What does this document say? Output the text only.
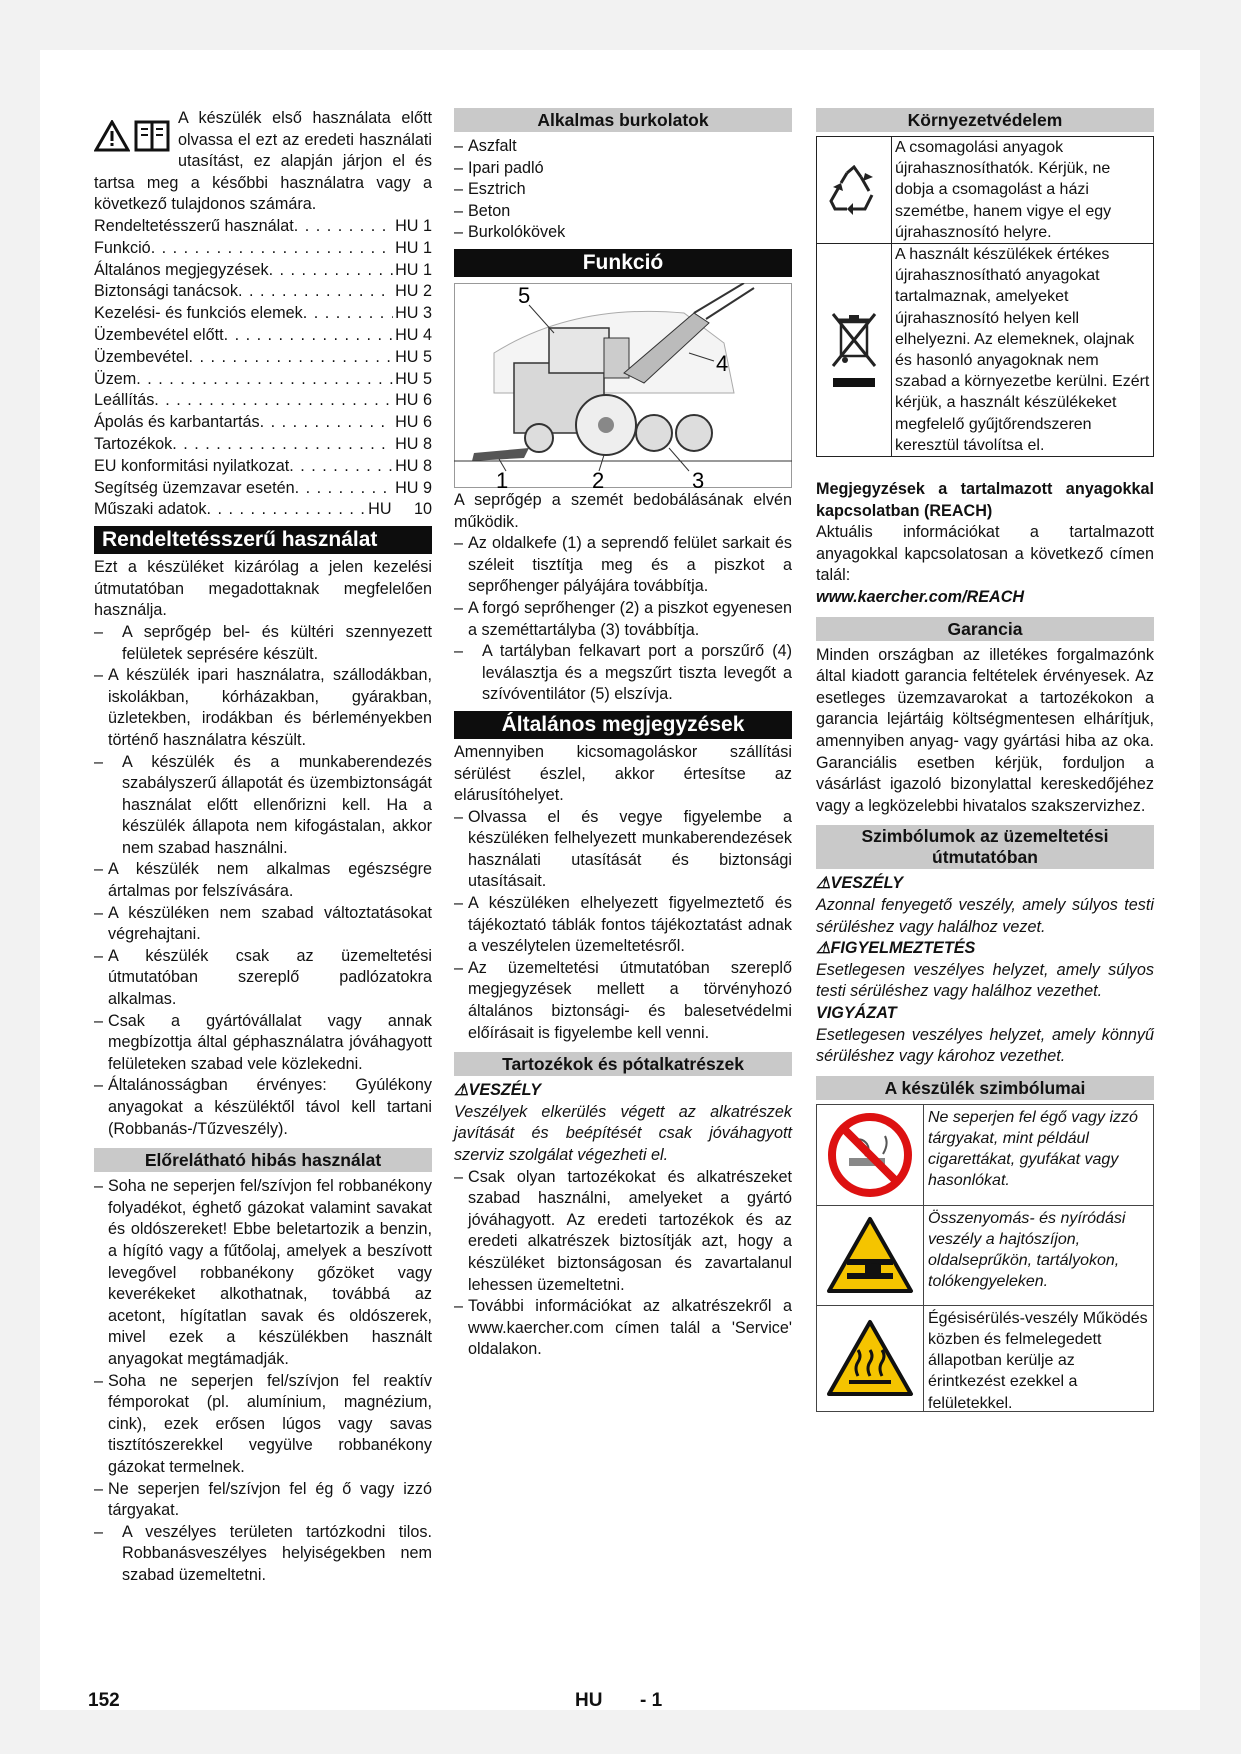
A készülék első használata előtt olvassa el ezt az eredeti használati utasítást, ez alapján járjon el és tartsa meg a későbbi használatra vagy a következő tulajdonos számára.
Rendeltetésszerű használat . . .	HU 1
Funkció . . .	HU 1
Általános megjegyzések . . .	HU 1
Biztonsági tanácsok . . .	HU 2
Kezelési- és funkciós elemek . . .	HU 3
Üzembevétel előtt . . .	HU 4
Üzembevétel . . .	HU 5
Üzem . . .	HU 5
Leállítás . . .	HU 6
Ápolás és karbantartás . . .	HU 6
Tartozékok . . .	HU 8
EU konformitási nyilatkozat . . .	HU 8
Segítség üzemzavar esetén . . .	HU 9
Műszaki adatok . . .	HU     10
Rendeltetésszerű használat
Ezt a készüléket kizárólag a jelen kezelési útmutatóban megadottaknak megfelelően használja.
–	A seprőgép bel- és kültéri szennyezett felületek seprésére készült.
– A készülék ipari használatra, szállodákban, iskolákban, kórházakban, gyárakban, üzletekben, irodákban és bérleményekben történő használatra készült.
–	A készülék és a munkaberendezés szabályszerű állapotát és üzembiztonságát használat előtt ellenőrizni kell. Ha a készülék állapota nem kifogástalan, akkor nem szabad használni.
– A készülék nem alkalmas egészségre ártalmas por felszívására.
– A készüléken nem szabad változtatásokat végrehajtani.
– A készülék csak az üzemeltetési útmutatóban szereplő padlózatokra alkalmas.
– Csak a gyártóvállalat vagy annak megbízottja által géphasználatra jóváhagyott felületeken szabad vele közlekedni.
– Általánosságban érvényes: Gyúlékony anyagokat a készüléktől távol kell tartani (Robbanás-/Tűzveszély).
Előrelátható hibás használat
– Soha ne seperjen fel/szívjon fel robbanékony folyadékot, éghető gázokat valamint savakat és oldószereket! Ebbe beletartozik a benzin, a hígító vagy a fűtőolaj, amelyek a beszívott levegővel robbanékony gőzöket vagy keverékeket alkothatnak, továbbá az acetont, hígítatlan savak és oldószerek, mivel ezek a készülékben használt anyagokat megtámadják.
– Soha ne seperjen fel/szívjon fel reaktív fémporokat (pl. alumínium, magnézium, cink), ezek erősen lúgos vagy savas tisztítószerekkel vegyülve robbanékony gázokat termelnek.
– Ne seperjen fel/szívjon fel ég ő vagy izzó tárgyakat.
–	A veszélyes területen tartózkodni tilos. Robbanásveszélyes helyiségekben nem szabad üzemeltetni.
Alkalmas burkolatok
– Aszfalt
– Ipari padló
– Esztrich
– Beton
– Burkolókövek
Funkció
5
4
1	2	3
A seprőgép a szemét bedobálásának elvén működik.
– Az oldalkefe (1) a seprendő felület sarkait és széleit tisztítja meg és a piszkot a seprőhenger pályájára továbbítja.
– A forgó seprőhenger (2) a piszkot egyenesen a szeméttartályba (3) továbbítja.
–	A tartályban felkavart port a porszűrő (4) leválasztja és a megszűrt tiszta levegőt a szívóventilátor (5) elszívja.
Általános megjegyzések
Amennyiben kicsomagoláskor szállítási sérülést észlel, akkor értesítse az elárusítóhelyet.
– Olvassa el és vegye figyelembe a készüléken felhelyezett munkaberendezések használati utasítását és biztonsági utasításait.
– A készüléken elhelyezett figyelmeztető és tájékoztató táblák fontos tájékoztatást adnak a veszélytelen üzemeltetésről.
– Az üzemeltetési útmutatóban szereplő megjegyzések mellett a törvényhozó általános biztonsági- és balesetvédelmi előírásait is figyelembe kell venni.
Tartozékok és pótalkatrészek
⚠VESZÉLY
Veszélyek elkerülés végett az alkatrészek javítását és beépítését csak jóváhagyott szerviz szolgálat végezheti el.
– Csak olyan tartozékokat és alkatrészeket szabad használni, amelyeket a gyártó jóváhagyott. Az eredeti tartozékok és az eredeti alkatrészek biztosítják azt, hogy a készüléket biztonságosan és zavartalanul lehessen üzemeltetni.
– További információkat az alkatrészekről a www.kaercher.com címen talál a 'Service' oldalakon.
Környezetvédelem
A csomagolási anyagok újrahasznosíthatók. Kérjük, ne dobja a csomagolást a házi szemétbe, hanem vigye el egy újrahasznosító helyre.
A használt készülékek értékes újrahasznosítható anyagokat tartalmaznak, amelyeket újrahasznosító helyen kell elhelyezni. Az elemeknek, olajnak és hasonló anyagoknak nem szabad a környezetbe kerülni. Ezért kérjük, a használt készülékeket megfelelő gyűjtőrendszeren keresztül távolítsa el.
Megjegyzések a tartalmazott anyagokkal kapcsolatban (REACH)
Aktuális információkat a tartalmazott anyagokkal kapcsolatosan a következő címen talál:
www.kaercher.com/REACH
Garancia
Minden országban az illetékes forgalmazónk által kiadott garancia feltételek érvényesek. Az esetleges üzemzavarokat a tartozékokon a garancia lejártáig költségmentesen elhárítjuk, amennyiben anyag- vagy gyártási hiba az oka. Garanciális esetben kérjük, forduljon a vásárlást igazoló bizonylattal kereskedőjéhez vagy a legközelebbi hivatalos szakszervizhez.
Szimbólumok az üzemeltetési útmutatóban
⚠VESZÉLY
Azonnal fenyegető veszély, amely súlyos testi sérüléshez vagy halálhoz vezet.
⚠FIGYELMEZTETÉS
Esetlegesen veszélyes helyzet, amely súlyos testi sérüléshez vagy halálhoz vezethet.
VIGYÁZAT
Esetlegesen veszélyes helyzet, amely könnyű sérüléshez vagy károhoz vezethet.
A készülék szimbólumai
Ne seperjen fel égő vagy izzó tárgyakat, mint például cigarettákat, gyufákat vagy hasonlókat.
Összenyomás- és nyíródási veszély a hajtószíjon, oldalseprűkön, tartályokon, tolókengyeleken.
Égésisérülés-veszély Működés közben és felmelegedett állapotban kerülje az érintkezést ezekkel a felületekkel.
152	HU - 1
